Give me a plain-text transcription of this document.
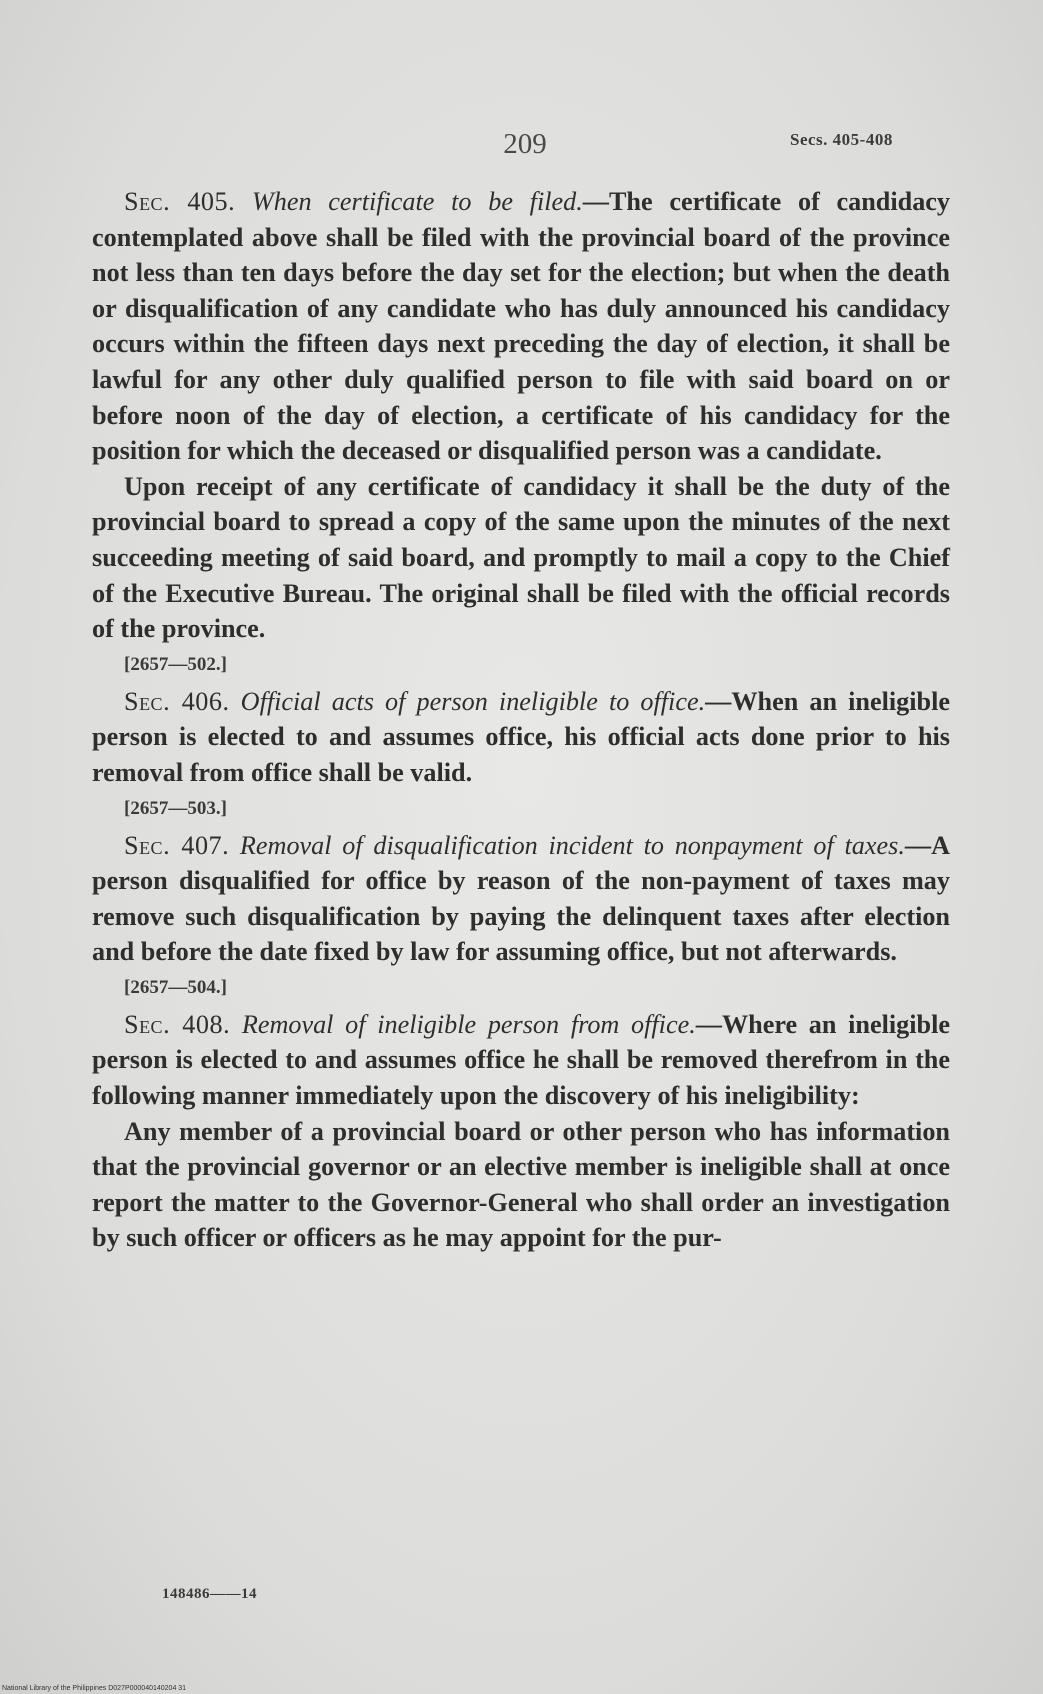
209	Secs. 405-408

Sec. 405. When certificate to be filed.—The certificate of candidacy contemplated above shall be filed with the provincial board of the province not less than ten days before the day set for the election; but when the death or disqualification of any candidate who has duly announced his candidacy occurs within the fifteen days next preceding the day of election, it shall be lawful for any other duly qualified person to file with said board on or before noon of the day of election, a certificate of his candidacy for the position for which the deceased or disqualified person was a candidate.

Upon receipt of any certificate of candidacy it shall be the duty of the provincial board to spread a copy of the same upon the minutes of the next succeeding meeting of said board, and promptly to mail a copy to the Chief of the Executive Bureau. The original shall be filed with the official records of the province.

[2657—502.]

Sec. 406. Official acts of person ineligible to office.—When an ineligible person is elected to and assumes office, his official acts done prior to his removal from office shall be valid.

[2657—503.]

Sec. 407. Removal of disqualification incident to nonpayment of taxes.—A person disqualified for office by reason of the non-payment of taxes may remove such disqualification by paying the delinquent taxes after election and before the date fixed by law for assuming office, but not afterwards.

[2657—504.]

Sec. 408. Removal of ineligible person from office.—Where an ineligible person is elected to and assumes office he shall be removed therefrom in the following manner immediately upon the discovery of his ineligibility:

Any member of a provincial board or other person who has information that the provincial governor or an elective member is ineligible shall at once report the matter to the Governor-General who shall order an investigation by such officer or officers as he may appoint for the pur-

148486——14
National Library of the Philippines D027P000040140204 31
